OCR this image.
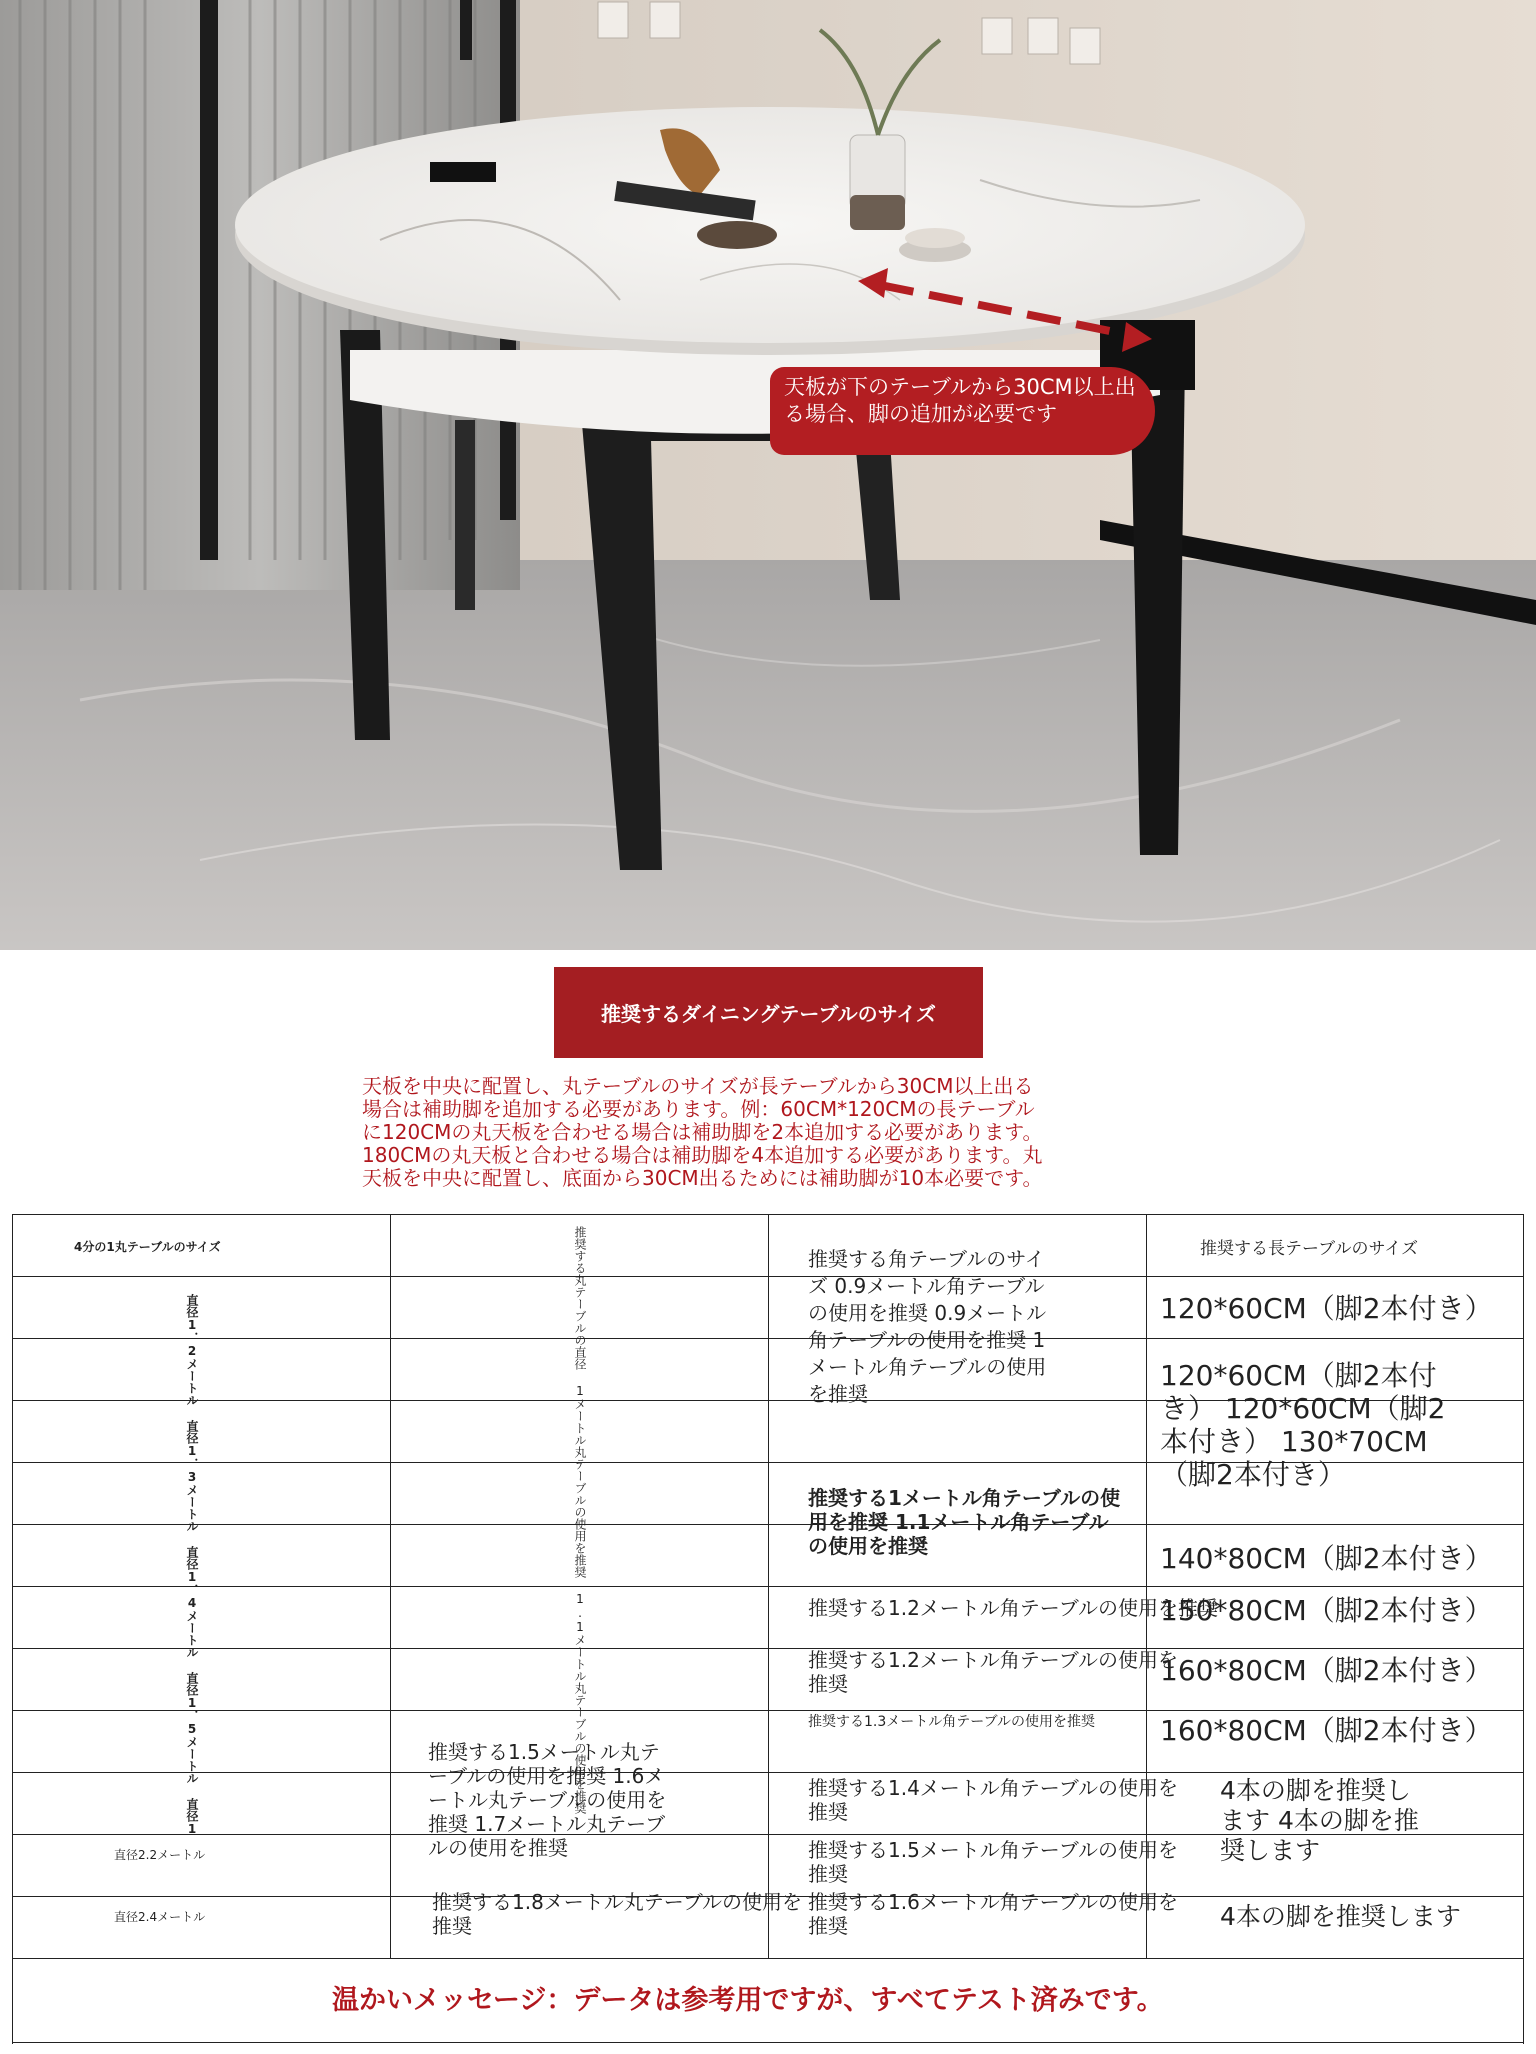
天板が下のテーブルから30CM以上出る場合、脚の追加が必要です
推奨するダイニングテーブルのサイズ

天板を中央に配置し、丸テーブルのサイズが長テーブルから30CM以上出る

場合は補助脚を追加する必要があります。例：60CM*120CMの長テーブル

に120CMの丸天板を合わせる場合は補助脚を2本追加する必要があります。

180CMの丸天板と合わせる場合は補助脚を4本追加する必要があります。丸

天板を中央に配置し、底面から30CM出るためには補助脚が10本必要です。

4分の1丸テーブルのサイズ	推奨する角テーブルのサイズ 0.9メートル角テーブルの使用を推奨 0.9メートル角テーブルの使用を推奨 1メートル角テーブルの使用を推奨
推奨する長テーブルのサイズ
直径1．2メートル 直径1．3メートル 直径1．4メートル 直径1．5メートル 直径1
直径2.2メートル
直径2.4メートル
推奨する丸テーブルの直径 1メートル丸テーブルの使用を推奨 1.1メートル丸テーブルの使用を推奨
推奨する1.5メートル丸テーブルの使用を推奨 1.6メートル丸テーブルの使用を推奨 1.7メートル丸テーブルの使用を推奨
推奨する1.8メートル丸テーブルの使用を推奨
推奨する1メートル角テーブルの使用を推奨 1.1メートル角テーブルの使用を推奨
推奨する1.2メートル角テーブルの使用を推奨
推奨する1.2メートル角テーブルの使用を推奨
推奨する1.3メートル角テーブルの使用を推奨
推奨する1.4メートル角テーブルの使用を推奨
推奨する1.5メートル角テーブルの使用を推奨
推奨する1.6メートル角テーブルの使用を推奨
120*60CM（脚2本付き）
120*60CM（脚2本付き） 120*60CM（脚2本付き） 130*70CM（脚2本付き）
140*80CM（脚2本付き）
150*80CM（脚2本付き）
160*80CM（脚2本付き）
160*80CM（脚2本付き）
4本の脚を推奨します 4本の脚を推奨します
4本の脚を推奨します
温かいメッセージ：データは参考用ですが、すべてテスト済みです。
